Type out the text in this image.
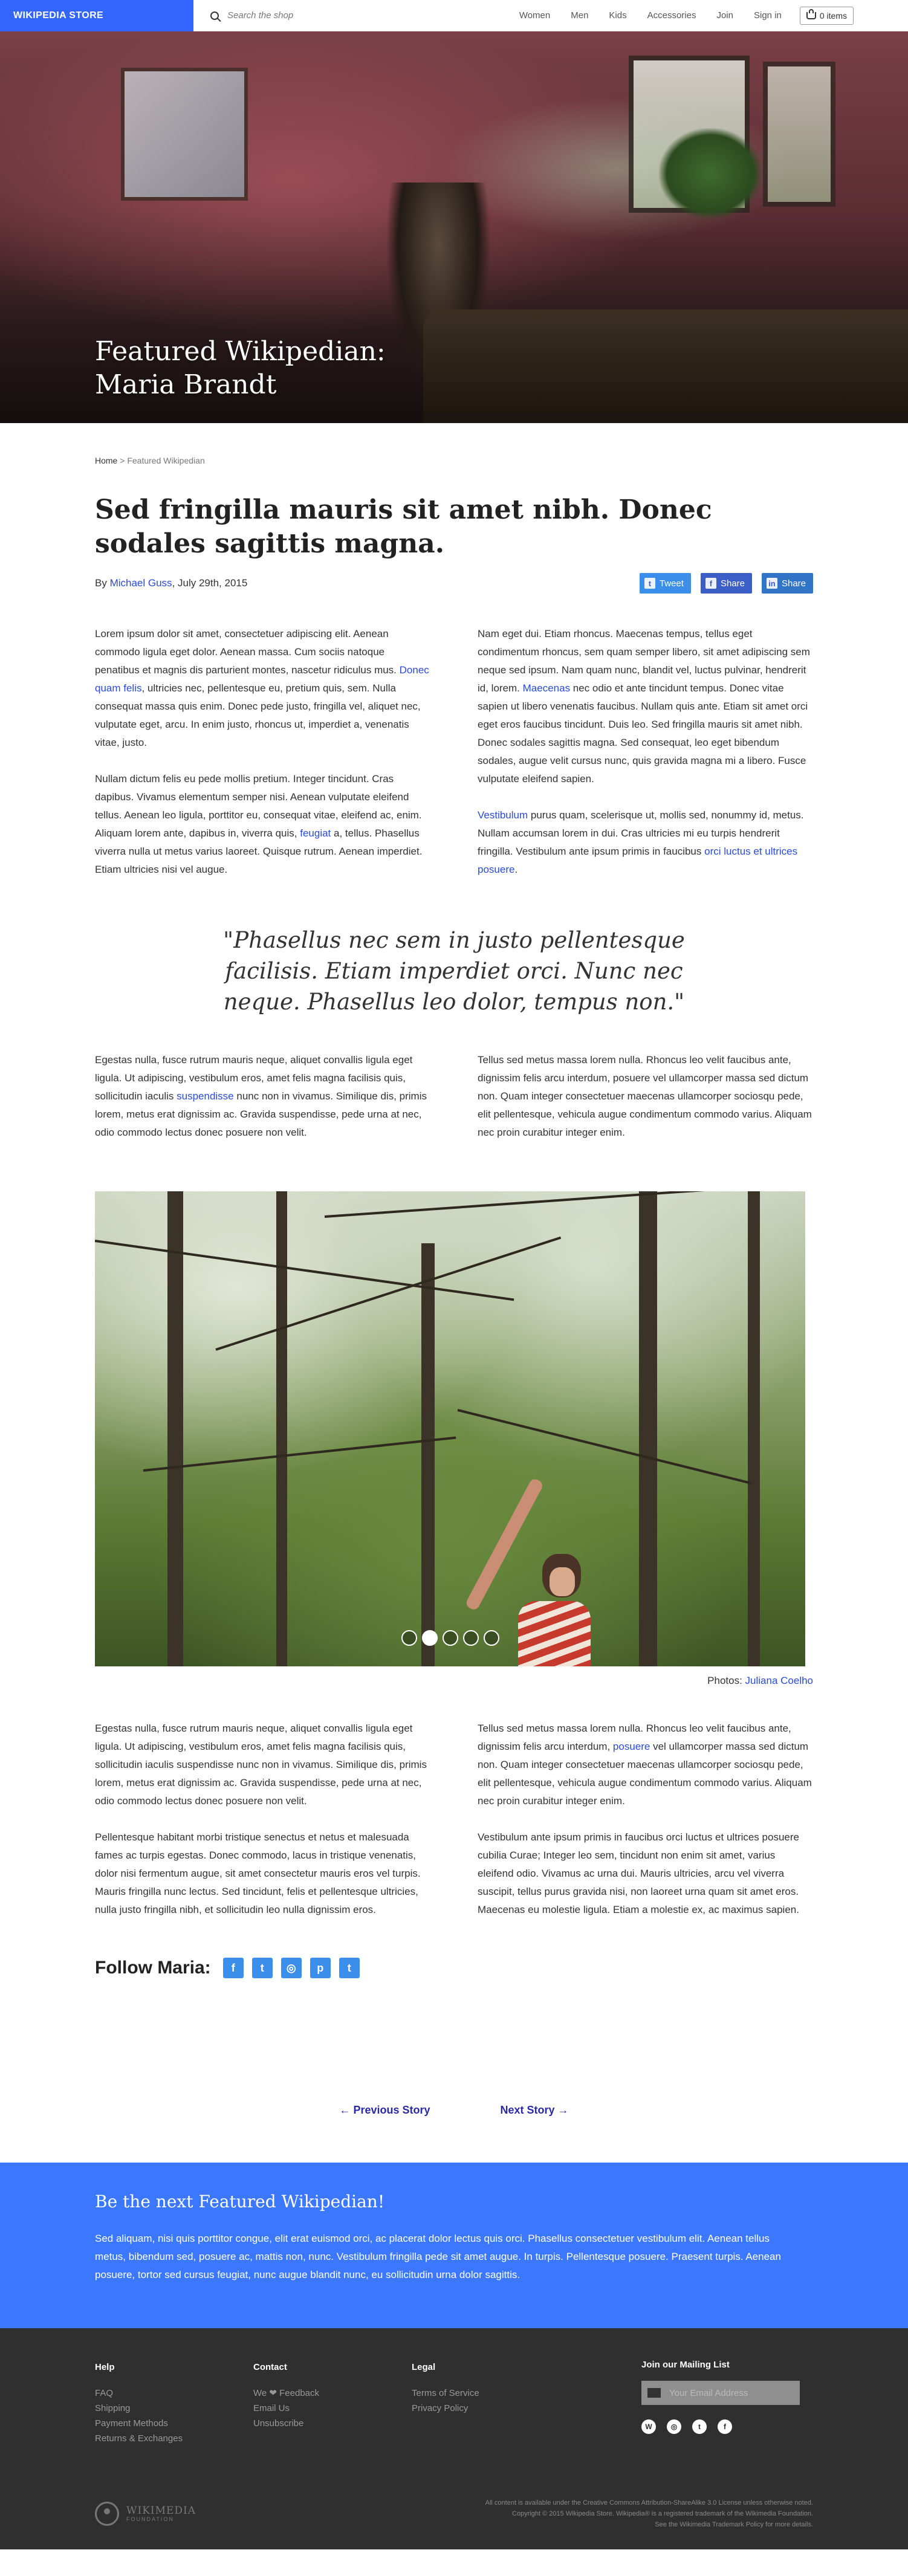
WIKIPEDIA STORE
Search the shop	Women Men Kids Accessories Join Sign in	0 items
Featured Wikipedian:
Maria Brandt
Home > Featured Wikipedian
Sed fringilla mauris sit amet nibh. Donec sodales sagittis magna.
By Michael Guss, July 29th, 2015	t Tweet	f Share	in Share

Lorem ipsum dolor sit amet, consectetuer adipiscing elit. Aenean commodo ligula eget dolor. Aenean massa. Cum sociis natoque penatibus et magnis dis parturient montes, nascetur ridiculus mus. Donec quam felis, ultricies nec, pellentesque eu, pretium quis, sem. Nulla consequat massa quis enim. Donec pede justo, fringilla vel, aliquet nec, vulputate eget, arcu. In enim justo, rhoncus ut, imperdiet a, venenatis vitae, justo.

Nullam dictum felis eu pede mollis pretium. Integer tincidunt. Cras dapibus. Vivamus elementum semper nisi. Aenean vulputate eleifend tellus. Aenean leo ligula, porttitor eu, consequat vitae, eleifend ac, enim. Aliquam lorem ante, dapibus in, viverra quis, feugiat a, tellus. Phasellus viverra nulla ut metus varius laoreet. Quisque rutrum. Aenean imperdiet. Etiam ultricies nisi vel augue.

Nam eget dui. Etiam rhoncus. Maecenas tempus, tellus eget condimentum rhoncus, sem quam semper libero, sit amet adipiscing sem neque sed ipsum. Nam quam nunc, blandit vel, luctus pulvinar, hendrerit id, lorem. Maecenas nec odio et ante tincidunt tempus. Donec vitae sapien ut libero venenatis faucibus. Nullam quis ante. Etiam sit amet orci eget eros faucibus tincidunt. Duis leo. Sed fringilla mauris sit amet nibh. Donec sodales sagittis magna. Sed consequat, leo eget bibendum sodales, augue velit cursus nunc, quis gravida magna mi a libero. Fusce vulputate eleifend sapien.

Vestibulum purus quam, scelerisque ut, mollis sed, nonummy id, metus. Nullam accumsan lorem in dui. Cras ultricies mi eu turpis hendrerit fringilla. Vestibulum ante ipsum primis in faucibus orci luctus et ultrices posuere.

"Phasellus nec sem in justo pellentesque facilisis. Etiam imperdiet orci. Nunc nec neque. Phasellus leo dolor, tempus non."

Egestas nulla, fusce rutrum mauris neque, aliquet convallis ligula eget ligula. Ut adipiscing, vestibulum eros, amet felis magna facilisis quis, sollicitudin iaculis suspendisse nunc non in vivamus. Similique dis, primis lorem, metus erat dignissim ac. Gravida suspendisse, pede urna at nec, odio commodo lectus donec posuere non velit.

Tellus sed metus massa lorem nulla. Rhoncus leo velit faucibus ante, dignissim felis arcu interdum, posuere vel ullamcorper massa sed dictum non. Quam integer consectetuer maecenas ullamcorper sociosqu pede, elit pellentesque, vehicula augue condimentum commodo varius. Aliquam nec proin curabitur integer enim.

Photos: Juliana Coelho

Egestas nulla, fusce rutrum mauris neque, aliquet convallis ligula eget ligula. Ut adipiscing, vestibulum eros, amet felis magna facilisis quis, sollicitudin iaculis suspendisse nunc non in vivamus. Similique dis, primis lorem, metus erat dignissim ac. Gravida suspendisse, pede urna at nec, odio commodo lectus donec posuere non velit.

Pellentesque habitant morbi tristique senectus et netus et malesuada fames ac turpis egestas. Donec commodo, lacus in tristique venenatis, dolor nisi fermentum augue, sit amet consectetur mauris eros vel turpis. Mauris fringilla nunc lectus. Sed tincidunt, felis et pellentesque ultricies, nulla justo fringilla nibh, et sollicitudin leo nulla dignissim eros.

Tellus sed metus massa lorem nulla. Rhoncus leo velit faucibus ante, dignissim felis arcu interdum, posuere vel ullamcorper massa sed dictum non. Quam integer consectetuer maecenas ullamcorper sociosqu pede, elit pellentesque, vehicula augue condimentum commodo varius. Aliquam nec proin curabitur integer enim.

Vestibulum ante ipsum primis in faucibus orci luctus et ultrices posuere cubilia Curae; Integer leo sem, tincidunt non enim sit amet, varius eleifend odio. Vivamus ac urna dui. Mauris ultricies, arcu vel viverra suscipit, tellus purus gravida nisi, non laoreet urna quam sit amet eros. Maecenas eu molestie ligula. Etiam a molestie ex, ac maximus sapien.

Follow Maria:	f	t	◎	p	t
← Previous Story	Next Story →
Be the next Featured Wikipedian!

Sed aliquam, nisi quis porttitor congue, elit erat euismod orci, ac placerat dolor lectus quis orci. Phasellus consectetuer vestibulum elit. Aenean tellus metus, bibendum sed, posuere ac, mattis non, nunc. Vestibulum fringilla pede sit amet augue. In turpis. Pellentesque posuere. Praesent turpis. Aenean posuere, tortor sed cursus feugiat, nunc augue blandit nunc, eu sollicitudin urna dolor sagittis.

Help
FAQ
Shipping
Payment Methods
Returns & Exchanges
Contact
We ❤ Feedback
Email Us
Unsubscribe
Legal
Terms of Service
Privacy Policy
Join our Mailing List
Your Email Address
W	◎	t	f
WIKIMEDIA
FOUNDATION
All content is available under the Creative Commons Attribution-ShareAlike 3.0 License unless otherwise noted.
Copyright © 2015 Wikipedia Store. Wikipedia® is a registered trademark of the Wikimedia Foundation.
See the Wikimedia Trademark Policy for more details.
